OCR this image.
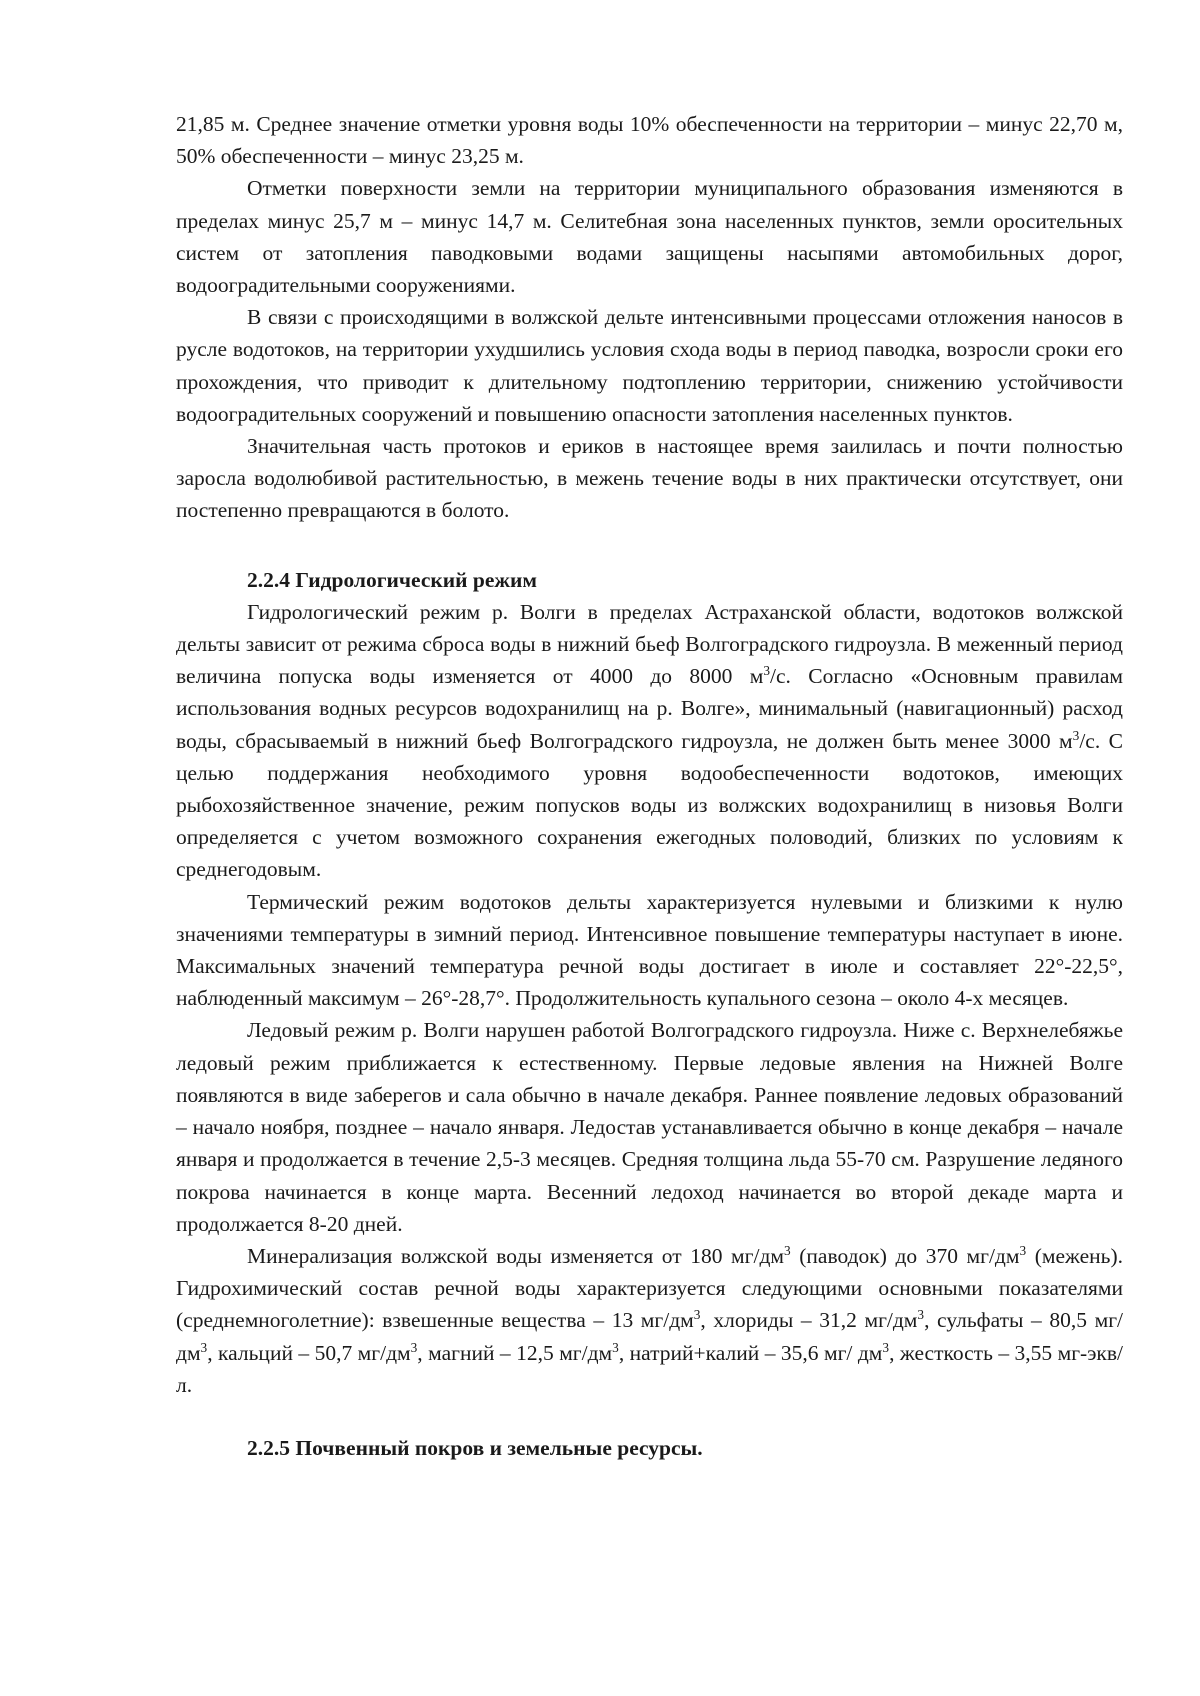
21,85 м. Среднее значение отметки уровня воды 10% обеспеченности на территории – минус 22,70 м, 50% обеспеченности – минус 23,25 м.

Отметки поверхности земли на территории муниципального образования изменяются в пределах минус 25,7 м – минус 14,7 м. Селитебная зона населенных пунктов, земли оросительных систем от затопления паводковыми водами защищены насыпями автомобильных дорог, водооградительными сооружениями.

В связи с происходящими в волжской дельте интенсивными процессами отложения наносов в русле водотоков, на территории ухудшились условия схода воды в период паводка, возросли сроки его прохождения, что приводит к длительному подтоплению территории, снижению устойчивости водооградительных сооружений и повышению опасности затопления населенных пунктов.

Значительная часть протоков и ериков в настоящее время заилилась и почти полностью заросла водолюбивой растительностью, в межень течение воды в них практически отсутствует, они постепенно превращаются в болото.

2.2.4 Гидрологический режим

Гидрологический режим р. Волги в пределах Астраханской области, водотоков волжской дельты зависит от режима сброса воды в нижний бьеф Волгоградского гидроузла. В меженный период величина попуска воды изменяется от 4000 до 8000 $м^3/с$. Согласно «Основным правилам использования водных ресурсов водохранилищ на р. Волге», минимальный (навигационный) расход воды, сбрасываемый в нижний бьеф Волгоградского гидроузла, не должен быть менее 3000 $м^3/с$. С целью поддержания необходимого уровня водообеспеченности водотоков, имеющих рыбохозяйственное значение, режим попусков воды из волжских водохранилищ в низовья Волги определяется с учетом возможного сохранения ежегодных половодий, близких по условиям к среднегодовым.

Термический режим водотоков дельты характеризуется нулевыми и близкими к нулю значениями температуры в зимний период. Интенсивное повышение температуры наступает в июне. Максимальных значений температура речной воды достигает в июле и составляет 22°-22,5°, наблюденный максимум – 26°-28,7°. Продолжительность купального сезона – около 4-х месяцев.

Ледовый режим р. Волги нарушен работой Волгоградского гидроузла. Ниже с. Верхнелебяжье ледовый режим приближается к естественному. Первые ледовые явления на Нижней Волге появляются в виде заберегов и сала обычно в начале декабря. Раннее появление ледовых образований – начало ноября, позднее – начало января. Ледостав устанавливается обычно в конце декабря – начале января и продолжается в течение 2,5-3 месяцев. Средняя толщина льда 55-70 см. Разрушение ледяного покрова начинается в конце марта. Весенний ледоход начинается во второй декаде марта и продолжается 8-20 дней.

Минерализация волжской воды изменяется от 180 $мг/дм^3$ (паводок) до 370 $мг/дм^3$ (межень). Гидрохимический состав речной воды характеризуется следующими основными показателями (среднемноголетние): взвешенные вещества – 13 $мг/дм^3$, хлориды – 31,2 $мг/дм^3$, сульфаты – 80,5 мг/ $дм^3$, кальций – 50,7 $мг/дм^3$, магний – 12,5 $мг/дм^3$, натрий+калий – 35,6 мг/ $дм^3$, жесткость – 3,55 мг-экв/л.

2.2.5 Почвенный покров и земельные ресурсы.
